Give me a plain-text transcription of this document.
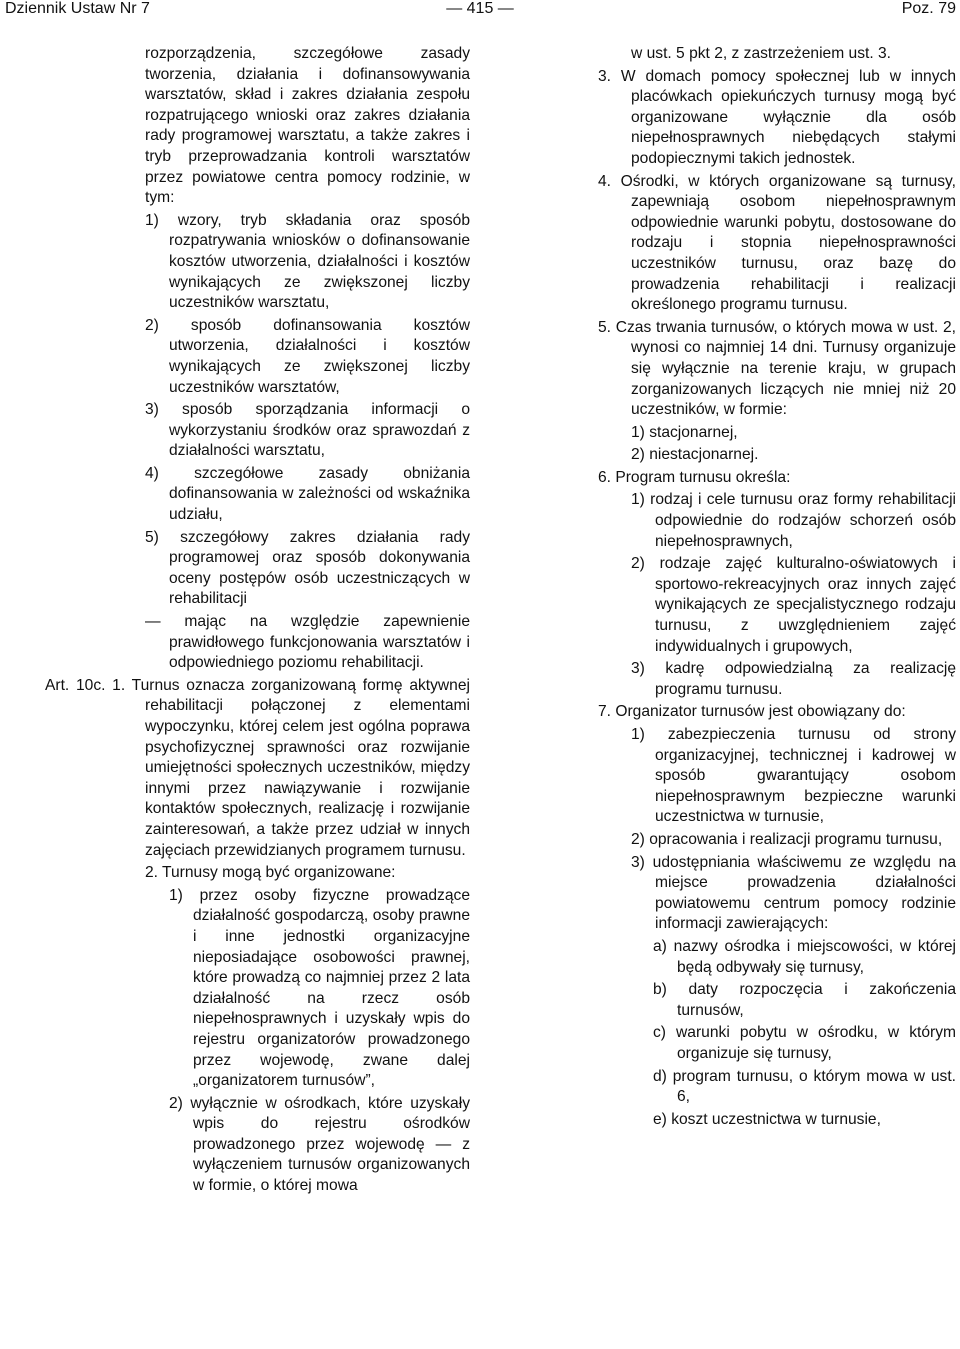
Dziennik Ustaw Nr 7	— 415 —	Poz. 79

rozporządzenia, szczegółowe zasady tworzenia, działania i dofinansowywania warsztatów, skład i zakres działania zespołu rozpatrującego wnioski oraz zakres działania rady programowej warsztatu, a także zakres i tryb przeprowadzania kontroli warsztatów przez powiatowe centra pomocy rodzinie, w tym:

1) wzory, tryb składania oraz sposób rozpatrywania wniosków o dofinansowanie kosztów utworzenia, działalności i kosztów wynikających ze zwiększonej liczby uczestników warsztatu,

2) sposób dofinansowania kosztów utworzenia, działalności i kosztów wynikających ze zwiększonej liczby uczestników warsztatów,

3) sposób sporządzania informacji o wykorzystaniu środków oraz sprawozdań z działalności warsztatu,

4) szczegółowe zasady obniżania dofinansowania w zależności od wskaźnika udziału,

5) szczegółowy zakres działania rady programowej oraz sposób dokonywania oceny postępów osób uczestniczących w rehabilitacji

— mając na względzie zapewnienie prawidłowego funkcjonowania warsztatów i odpowiedniego poziomu rehabilitacji.

Art. 10c. 1. Turnus oznacza zorganizowaną formę aktywnej rehabilitacji połączonej z elementami wypoczynku, której celem jest ogólna poprawa psychofizycznej sprawności oraz rozwijanie umiejętności społecznych uczestników, między innymi przez nawiązywanie i rozwijanie kontaktów społecznych, realizację i rozwijanie zainteresowań, a także przez udział w innych zajęciach przewidzianych programem turnusu.

2. Turnusy mogą być organizowane:

1) przez osoby fizyczne prowadzące działalność gospodarczą, osoby prawne i inne jednostki organizacyjne nieposiadające osobowości prawnej, które prowadzą co najmniej przez 2 lata działalność na rzecz osób niepełnosprawnych i uzyskały wpis do rejestru organizatorów prowadzonego przez wojewodę, zwane dalej „organizatorem turnusów”,

2) wyłącznie w ośrodkach, które uzyskały wpis do rejestru ośrodków prowadzonego przez wojewodę — z wyłączeniem turnusów organizowanych w formie, o której mowa

w ust. 5 pkt 2, z zastrzeżeniem ust. 3.

3. W domach pomocy społecznej lub w innych placówkach opiekuńczych turnusy mogą być organizowane wyłącznie dla osób niepełnosprawnych niebędących stałymi podopiecznymi takich jednostek.

4. Ośrodki, w których organizowane są turnusy, zapewniają osobom niepełnosprawnym odpowiednie warunki pobytu, dostosowane do rodzaju i stopnia niepełnosprawności uczestników turnusu, oraz bazę do prowadzenia rehabilitacji i realizacji określonego programu turnusu.

5. Czas trwania turnusów, o których mowa w ust. 2, wynosi co najmniej 14 dni. Turnusy organizuje się wyłącznie na terenie kraju, w grupach zorganizowanych liczących nie mniej niż 20 uczestników, w formie:

1) stacjonarnej,

2) niestacjonarnej.

6. Program turnusu określa:

1) rodzaj i cele turnusu oraz formy rehabilitacji odpowiednie do rodzajów schorzeń osób niepełnosprawnych,

2) rodzaje zajęć kulturalno-oświatowych i sportowo-rekreacyjnych oraz innych zajęć wynikających ze specjalistycznego rodzaju turnusu, z uwzględnieniem zajęć indywidualnych i grupowych,

3) kadrę odpowiedzialną za realizację programu turnusu.

7. Organizator turnusów jest obowiązany do:

1) zabezpieczenia turnusu od strony organizacyjnej, technicznej i kadrowej w sposób gwarantujący osobom niepełnosprawnym bezpieczne warunki uczestnictwa w turnusie,

2) opracowania i realizacji programu turnusu,

3) udostępniania właściwemu ze względu na miejsce prowadzenia działalności powiatowemu centrum pomocy rodzinie informacji zawierających:

a) nazwy ośrodka i miejscowości, w której będą odbywały się turnusy,

b) daty rozpoczęcia i zakończenia turnusów,

c) warunki pobytu w ośrodku, w którym organizuje się turnusy,

d) program turnusu, o którym mowa w ust. 6,

e) koszt uczestnictwa w turnusie,
